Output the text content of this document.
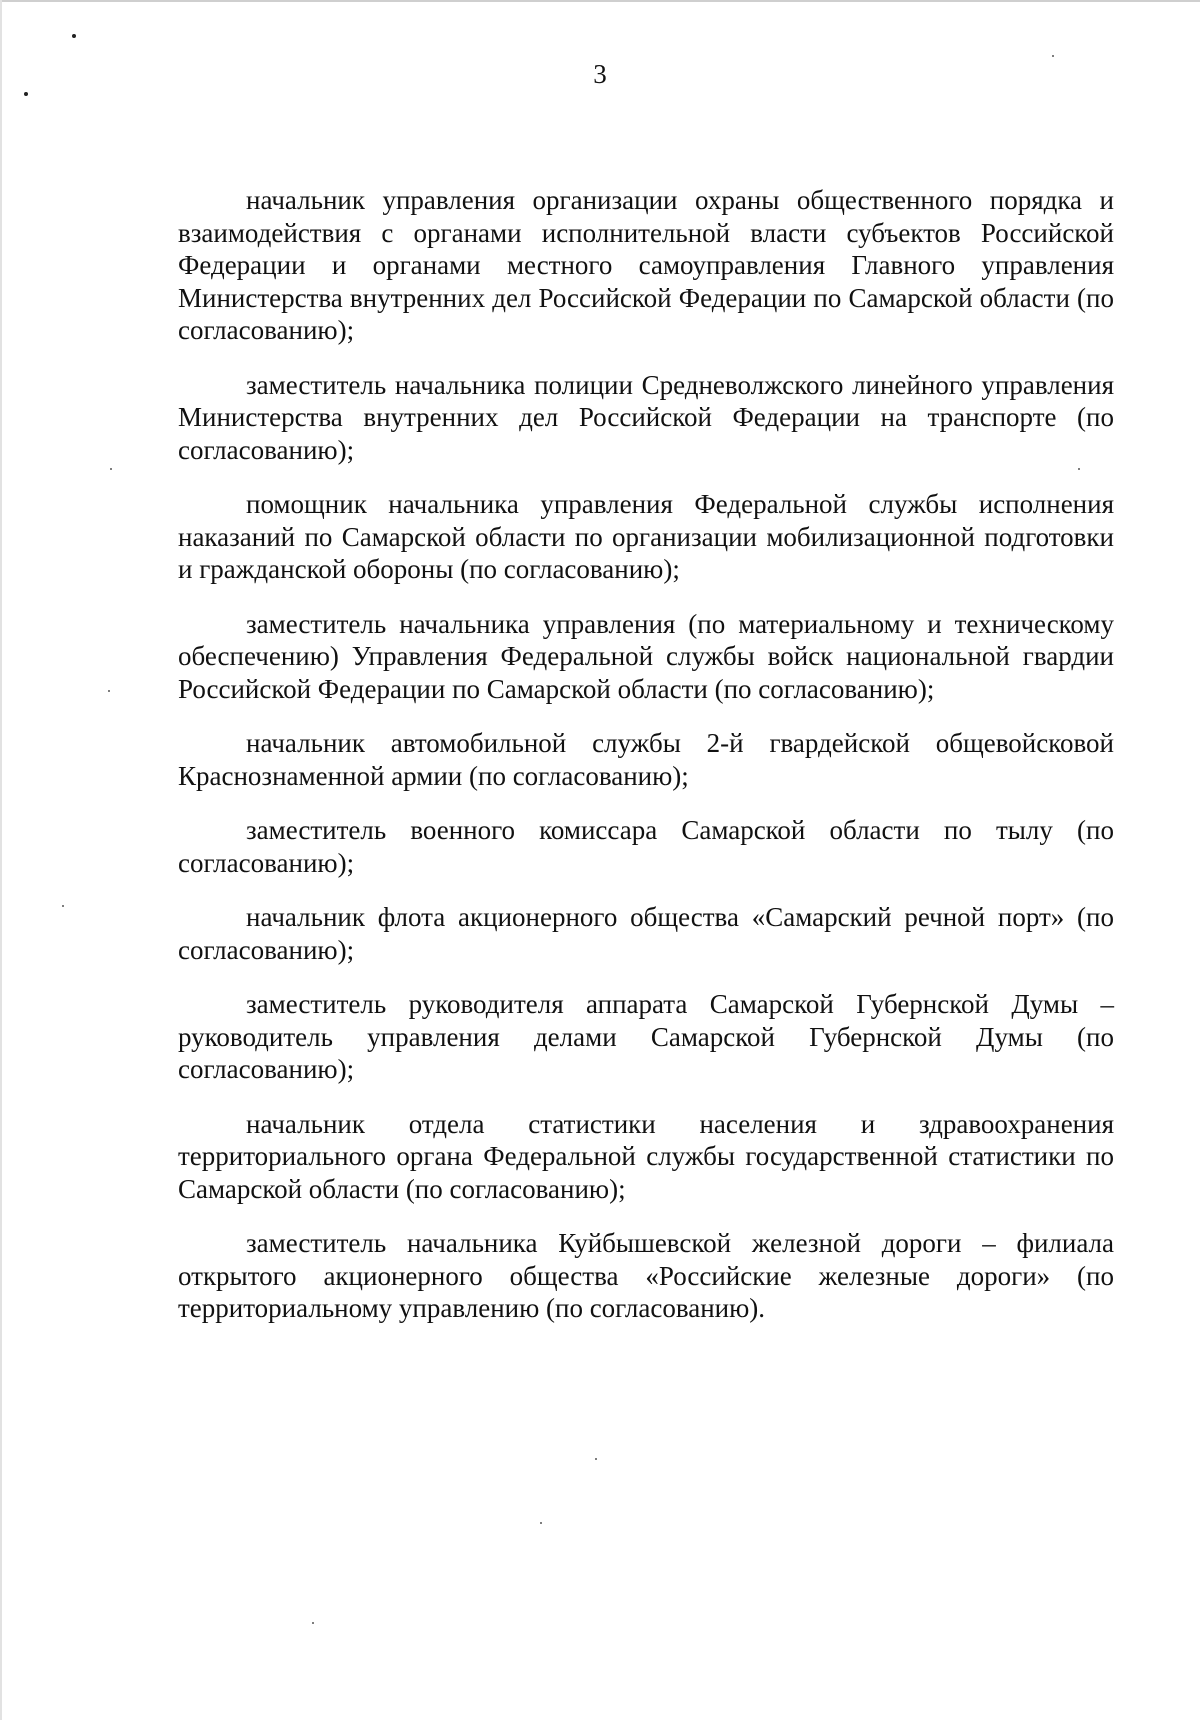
3

начальник управления организации охраны общественного порядка и взаимодействия с органами исполнительной власти субъектов Российской Федерации и органами местного самоуправления Главного управления Министерства внутренних дел Российской Федерации по Самарской области (по согласованию);

заместитель начальника полиции Средневолжского линейного управления Министерства внутренних дел Российской Федерации на транспорте (по согласованию);

помощник начальника управления Федеральной службы исполнения наказаний по Самарской области по организации мобилизационной подготовки и гражданской обороны (по согласованию);

заместитель начальника управления (по материальному и техническому обеспечению) Управления Федеральной службы войск национальной гвардии Российской Федерации по Самарской области (по согласованию);

начальник автомобильной службы 2-й гвардейской общевойсковой Краснознаменной армии (по согласованию);

заместитель военного комиссара Самарской области по тылу (по согласованию);

начальник флота акционерного общества «Самарский речной порт» (по согласованию);

заместитель руководителя аппарата Самарской Губернской Думы – руководитель управления делами Самарской Губернской Думы (по согласованию);

начальник отдела статистики населения и здравоохранения территориального органа Федеральной службы государственной статистики по Самарской области (по согласованию);

заместитель начальника Куйбышевской железной дороги – филиала открытого акционерного общества «Российские железные дороги» (по территориальному управлению (по согласованию).
